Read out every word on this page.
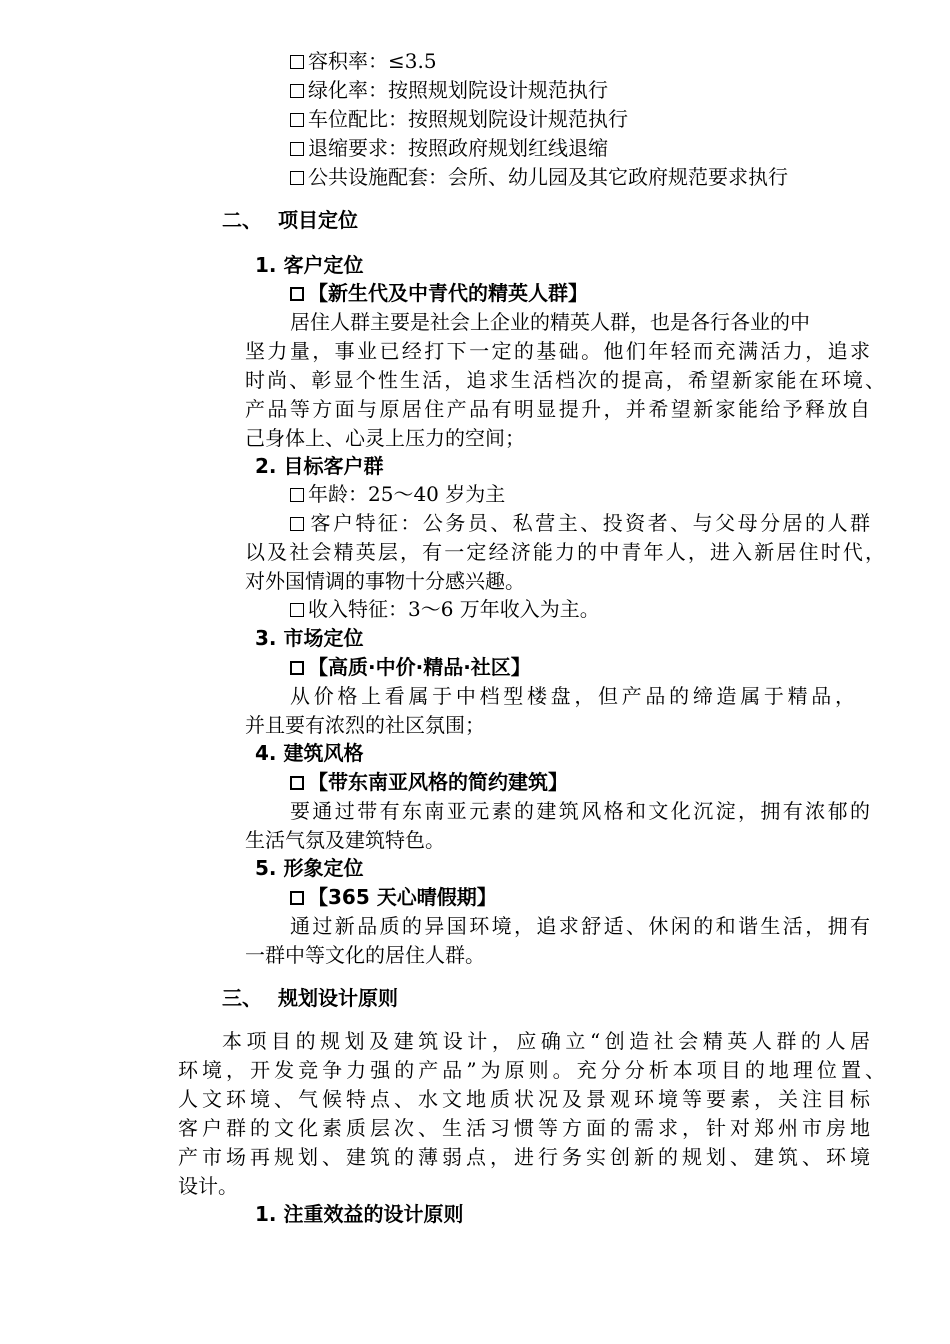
容积率：≤3.5
绿化率：按照规划院设计规范执行
车位配比：按照规划院设计规范执行
退缩要求：按照政府规划红线退缩
公共设施配套：会所、幼儿园及其它政府规范要求执行
二、 项目定位
1. 客户定位
【新生代及中青代的精英人群】
居住人群主要是社会上企业的精英人群，也是各行各业的中
坚力量，事业已经打下一定的基础。他们年轻而充满活力，追求
时尚、彰显个性生活，追求生活档次的提高，希望新家能在环境、
产品等方面与原居住产品有明显提升，并希望新家能给予释放自
己身体上、心灵上压力的空间；
2. 目标客户群
年龄：25～40 岁为主
客户特征：公务员、私营主、投资者、与父母分居的人群
以及社会精英层，有一定经济能力的中青年人，进入新居住时代，
对外国情调的事物十分感兴趣。
收入特征：3～6 万年收入为主。
3. 市场定位
【高质·中价·精品·社区】
从价格上看属于中档型楼盘，但产品的缔造属于精品，
并且要有浓烈的社区氛围；
4. 建筑风格
【带东南亚风格的简约建筑】
要通过带有东南亚元素的建筑风格和文化沉淀，拥有浓郁的
生活气氛及建筑特色。
5. 形象定位
【365 天心晴假期】
通过新品质的异国环境，追求舒适、休闲的和谐生活，拥有
一群中等文化的居住人群。
三、 规划设计原则
本项目的规划及建筑设计，应确立“创造社会精英人群的人居
环境，开发竞争力强的产品”为原则。充分分析本项目的地理位置、
人文环境、气候特点、水文地质状况及景观环境等要素，关注目标
客户群的文化素质层次、生活习惯等方面的需求，针对郑州市房地
产市场再规划、建筑的薄弱点，进行务实创新的规划、建筑、环境
设计。
1. 注重效益的设计原则
